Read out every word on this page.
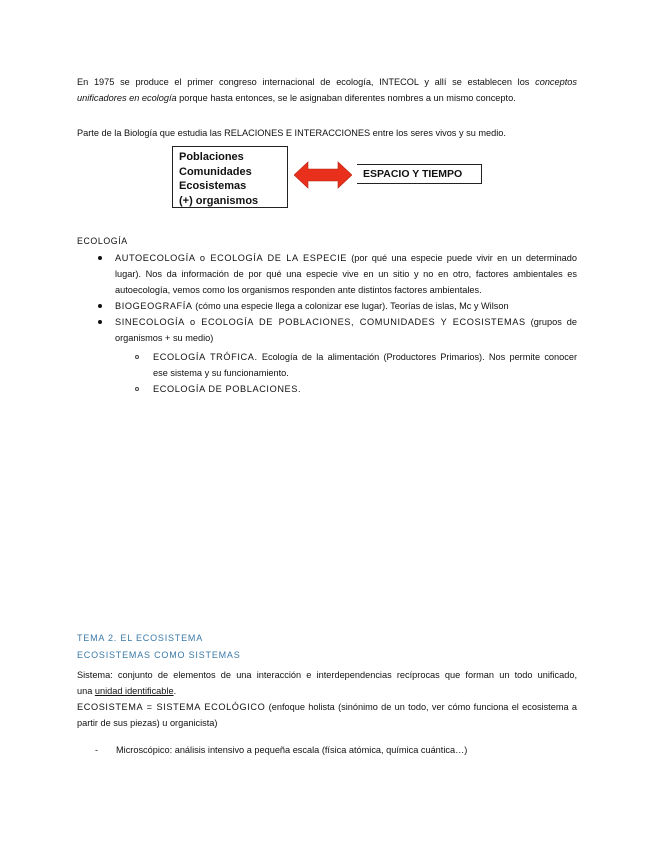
En 1975 se produce el primer congreso internacional de ecología, INTECOL y allí se establecen los conceptos
unificadores en ecología porque hasta entonces, se le asignaban diferentes nombres a un mismo concepto.
Parte de la Biología que estudia las RELACIONES E INTERACCIONES entre los seres vivos y su medio.
Poblaciones
Comunidades
Ecosistemas
(+) organismos
ESPACIO Y TIEMPO
ECOLOGÍA
AUTOECOLOGÍA o ECOLOGÍA DE LA ESPECIE (por qué una especie puede vivir en un determinado
lugar). Nos da información de por qué una especie vive en un sitio y no en otro, factores ambientales es
autoecología, vemos como los organismos responden ante distintos factores ambientales.
BIOGEOGRAFÍA (cómo una especie llega a colonizar ese lugar). Teorías de islas, Mc y Wilson
SINECOLOGÍA o ECOLOGÍA DE POBLACIONES, COMUNIDADES Y ECOSISTEMAS (grupos de
organismos + su medio)
ECOLOGÍA TRÓFICA. Ecología de la alimentación (Productores Primarios). Nos permite conocer
ese sistema y su funcionamiento.
ECOLOGÍA DE POBLACIONES.
TEMA 2. EL ECOSISTEMA
ECOSISTEMAS COMO SISTEMAS
Sistema: conjunto de elementos de una interacción e interdependencias recíprocas que forman un todo unificado,
una unidad identificable.
ECOSISTEMA = SISTEMA ECOLÓGICO (enfoque holista (sinónimo de un todo, ver cómo funciona el ecosistema a
partir de sus piezas) u organicista)
- Microscópico: análisis intensivo a pequeña escala (física atómica, química cuántica…)
